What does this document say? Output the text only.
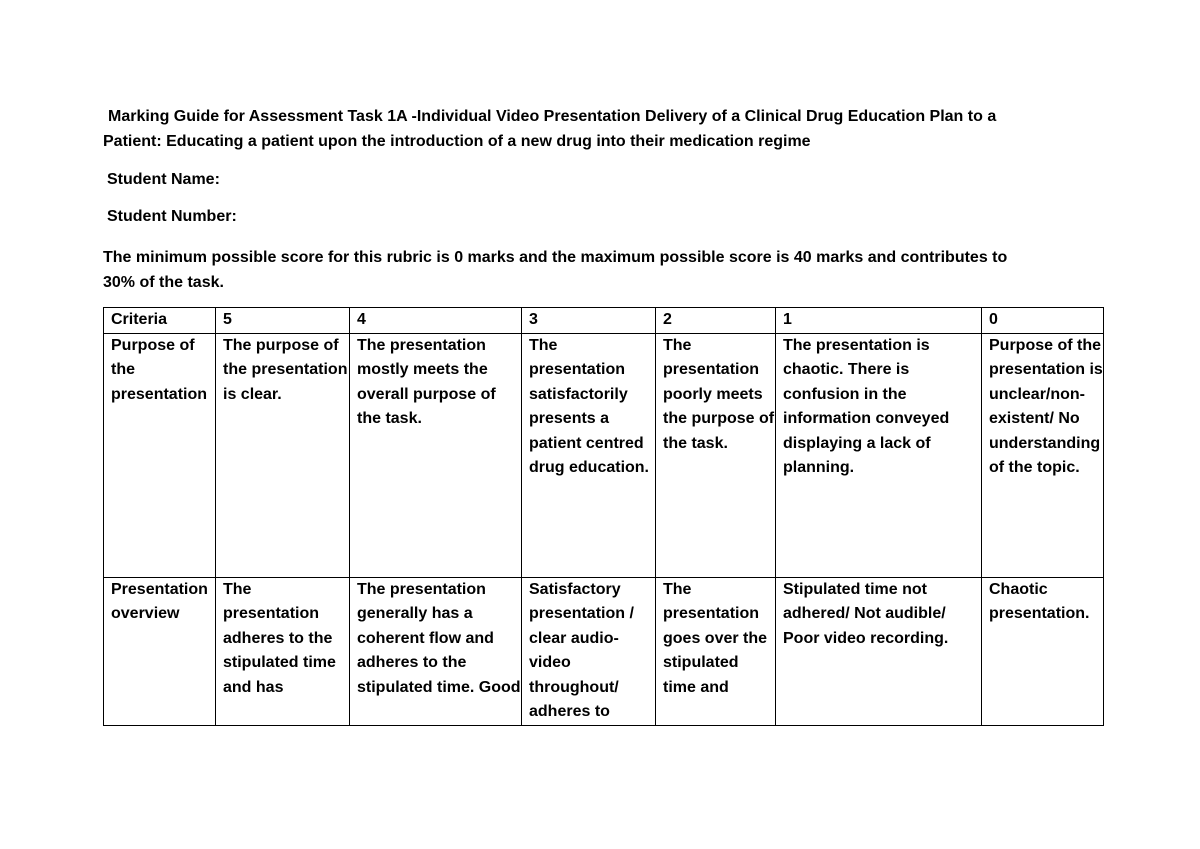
Marking Guide for Assessment Task 1A -Individual Video Presentation Delivery of a Clinical Drug Education Plan to a
Patient: Educating a patient upon the introduction of a new drug into their medication regime
Student Name:
Student Number:
The minimum possible score for this rubric is 0 marks and the maximum possible score is 40 marks and contributes to
30% of the task.
Criteria	5	4	3	2	1	0
Purpose of the presentation	The purpose of the presentation is clear.	The presentation mostly meets the overall purpose of the task.	The presentation satisfactorily presents a patient centred drug education.	The presentation poorly meets the purpose of the task.	The presentation is chaotic. There is confusion in the information conveyed displaying a lack of planning.	Purpose of the presentation is unclear/non-existent/ No understanding of the topic.
Presentation overview	The presentation adheres to the stipulated time and has	The presentation generally has a coherent flow and adheres to the stipulated time. Good	Satisfactory presentation / clear audio-video throughout/ adheres to	The presentation goes over the stipulated time and	Stipulated time not adhered/ Not audible/ Poor video recording.	Chaotic presentation.
